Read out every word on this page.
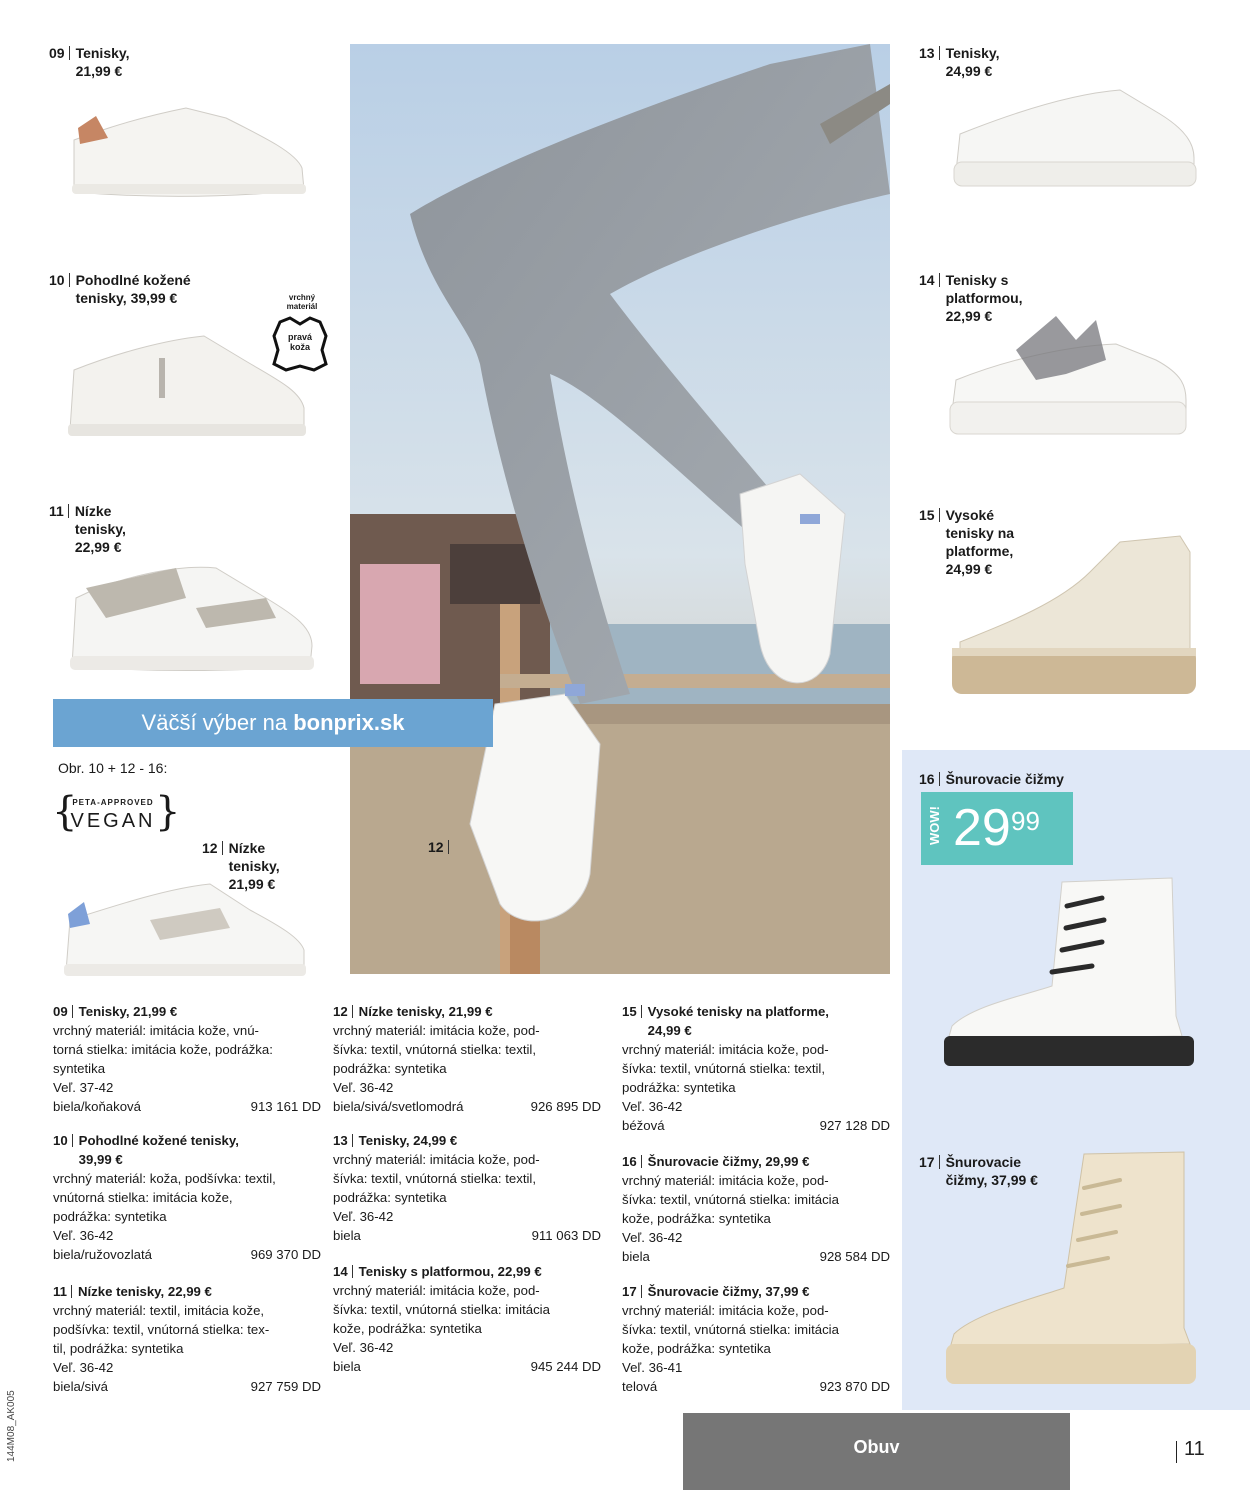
12
09 Tenisky,
21,99 €
10 Pohodlné kožené
tenisky, 39,99 €	vrchný
materiál
pravá
koža
11 Nízke
tenisky,
22,99 €
Väčší výber na bonprix.sk
Obr. 10 + 12 - 16:
{ }
PETA-APPROVED
VEGAN
12 Nízke
tenisky,
21,99 €
13 Tenisky,
24,99 €
14 Tenisky s
platformou,
22,99 €
15 Vysoké
tenisky na
platforme,
24,99 €
16 Šnurovacie čižmy
WOW! 29 99
17 Šnurovacie
čižmy, 37,99 €
09 Tenisky, 21,99 €
vrchný materiál: imitácia kože, vnú-
torná stielka: imitácia kože, podrážka:
syntetika
Veľ. 37-42
biela/koňaková	913 161 DD
10 Pohodlné kožené tenisky,
39,99 €
vrchný materiál: koža, podšívka: textil,
vnútorná stielka: imitácia kože,
podrážka: syntetika
Veľ. 36-42
biela/ružovozlatá	969 370 DD
11 Nízke tenisky, 22,99 €
vrchný materiál: textil, imitácia kože,
podšívka: textil, vnútorná stielka: tex-
til, podrážka: syntetika
Veľ. 36-42
biela/sivá	927 759 DD
12 Nízke tenisky, 21,99 €
vrchný materiál: imitácia kože, pod-
šívka: textil, vnútorná stielka: textil,
podrážka: syntetika
Veľ. 36-42
biela/sivá/svetlomodrá	926 895 DD
13 Tenisky, 24,99 €
vrchný materiál: imitácia kože, pod-
šívka: textil, vnútorná stielka: textil,
podrážka: syntetika
Veľ. 36-42
biela	911 063 DD
14 Tenisky s platformou, 22,99 €
vrchný materiál: imitácia kože, pod-
šívka: textil, vnútorná stielka: imitácia
kože, podrážka: syntetika
Veľ. 36-42
biela	945 244 DD
15 Vysoké tenisky na platforme,
24,99 €
vrchný materiál: imitácia kože, pod-
šívka: textil, vnútorná stielka: textil,
podrážka: syntetika
Veľ. 36-42
béžová	927 128 DD
16 Šnurovacie čižmy, 29,99 €
vrchný materiál: imitácia kože, pod-
šívka: textil, vnútorná stielka: imitácia
kože, podrážka: syntetika
Veľ. 36-42
biela	928 584 DD
17 Šnurovacie čižmy, 37,99 €
vrchný materiál: imitácia kože, pod-
šívka: textil, vnútorná stielka: imitácia
kože, podrážka: syntetika
Veľ. 36-41
telová	923 870 DD
Obuv	11
144M08_AK005
